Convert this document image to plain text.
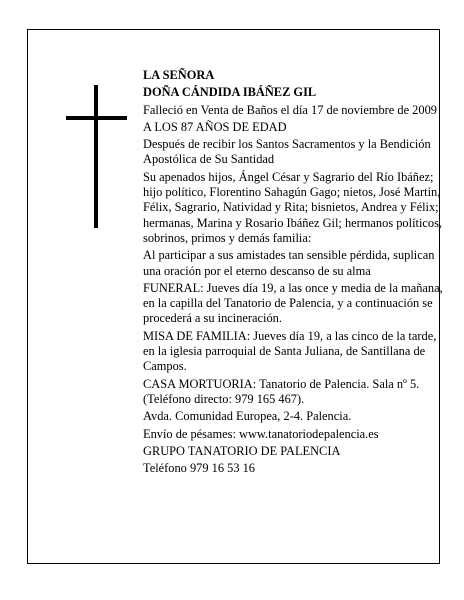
LA SEÑORA

DOÑA CÁNDIDA IBÁÑEZ GIL

Falleció en Venta de Baños el día 17 de noviembre de 2009

A LOS 87 AÑOS DE EDAD

Después de recibir los Santos Sacramentos y la Bendición Apostólica de Su Santidad

Su apenados hijos, Ángel César y Sagrario del Río Ibáñez; hijo político, Florentino Sahagún Gago; nietos, José Martín, Félix, Sagrario, Natividad y Rita; bisnietos, Andrea y Félix; hermanas, Marina y Rosario Ibáñez Gil; hermanos políticos, sobrinos, primos y demás familia:

Al participar a sus amistades tan sensible pérdida, suplican una oración por el eterno descanso de su alma

FUNERAL: Jueves día 19, a las once y media de la mañana, en la capilla del Tanatorio de Palencia, y a continuación se procederá a su incineración.

MISA DE FAMILIA: Jueves día 19, a las cinco de la tarde, en la iglesia parroquial de Santa Juliana, de Santillana de Campos.

CASA MORTUORIA: Tanatorio de Palencia. Sala nº 5. (Teléfono directo: 979 165 467).

Avda. Comunidad Europea, 2-4. Palencia.

Envío de pésames: www.tanatoriodepalencia.es

GRUPO TANATORIO DE PALENCIA

Teléfono 979 16 53 16
